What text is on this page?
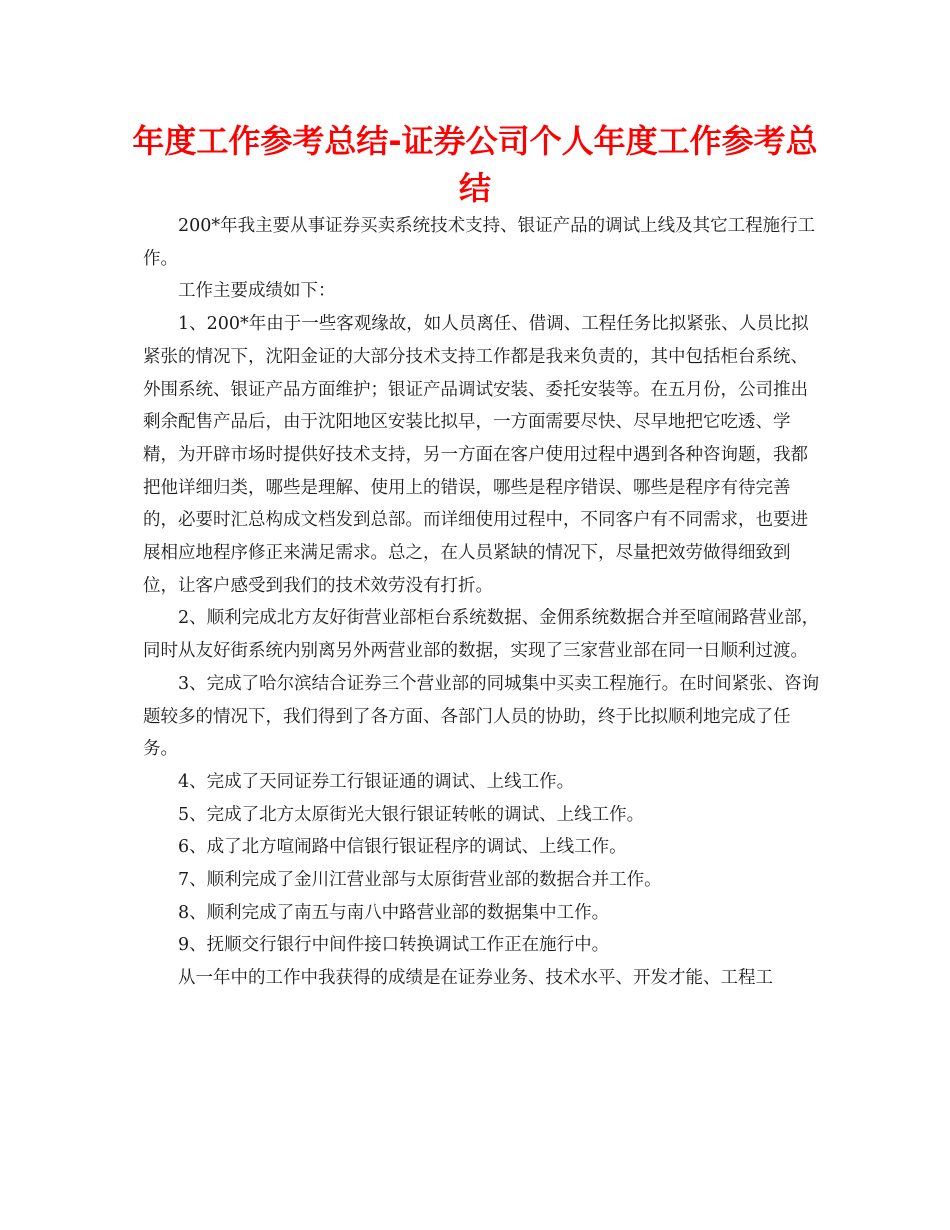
年度工作参考总结-证券公司个人年度工作参考总结

200*年我主要从事证券买卖系统技术支持、银证产品的调试上线及其它工程施行工作。

工作主要成绩如下：

1、200*年由于一些客观缘故，如人员离任、借调、工程任务比拟紧张、人员比拟紧张的情况下，沈阳金证的大部分技术支持工作都是我来负责的，其中包括柜台系统、外围系统、银证产品方面维护；银证产品调试安装、委托安装等。在五月份，公司推出剩余配售产品后，由于沈阳地区安装比拟早，一方面需要尽快、尽早地把它吃透、学精，为开辟市场时提供好技术支持，另一方面在客户使用过程中遇到各种咨询题，我都把他详细归类，哪些是理解、使用上的错误，哪些是程序错误、哪些是程序有待完善的，必要时汇总构成文档发到总部。而详细使用过程中，不同客户有不同需求，也要进展相应地程序修正来满足需求。总之，在人员紧缺的情况下，尽量把效劳做得细致到位，让客户感受到我们的技术效劳没有打折。

2、顺利完成北方友好街营业部柜台系统数据、金佣系统数据合并至喧闹路营业部，同时从友好街系统内别离另外两营业部的数据，实现了三家营业部在同一日顺利过渡。

3、完成了哈尔滨结合证券三个营业部的同城集中买卖工程施行。在时间紧张、咨询题较多的情况下，我们得到了各方面、各部门人员的协助，终于比拟顺利地完成了任务。

4、完成了天同证券工行银证通的调试、上线工作。

5、完成了北方太原街光大银行银证转帐的调试、上线工作。

6、成了北方喧闹路中信银行银证程序的调试、上线工作。

7、顺利完成了金川江营业部与太原街营业部的数据合并工作。

8、顺利完成了南五与南八中路营业部的数据集中工作。

9、抚顺交行银行中间件接口转换调试工作正在施行中。

从一年中的工作中我获得的成绩是在证券业务、技术水平、开发才能、工程工
